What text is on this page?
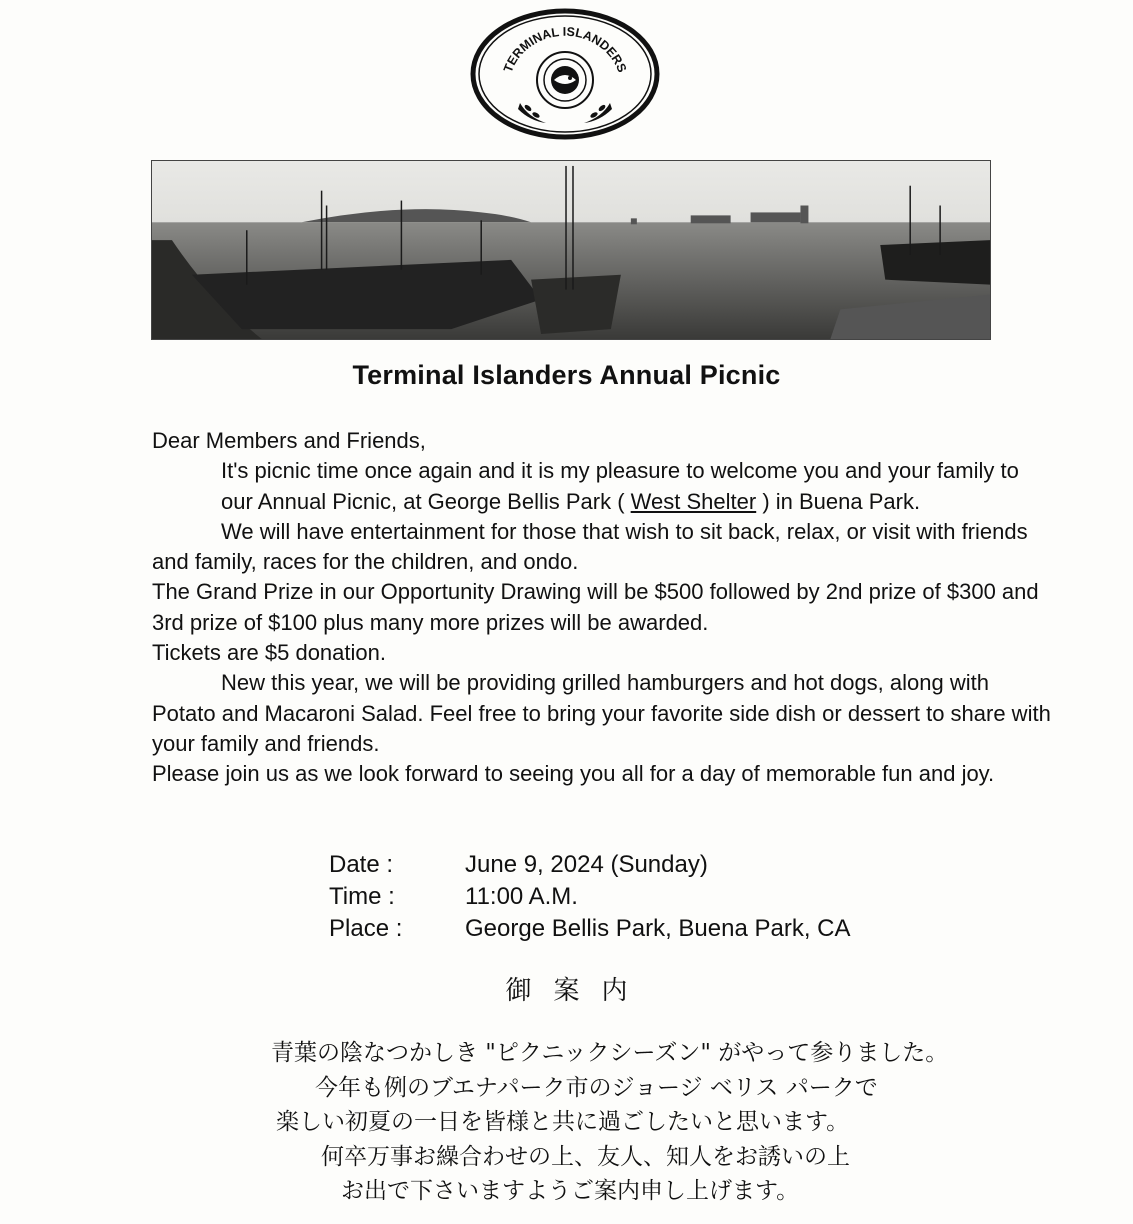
TERMINAL ISLANDERS
Terminal Islanders Annual Picnic

Dear Members and Friends,

It's picnic time once again and it is my pleasure to welcome you and your family to our Annual Picnic, at George Bellis Park ( West Shelter ) in Buena Park.

We will have entertainment for those that wish to sit back, relax, or visit with friends and family, races for the children, and ondo.

The Grand Prize in our Opportunity Drawing will be $500 followed by 2nd prize of $300 and 3rd prize of $100 plus many more prizes will be awarded.

Tickets are $5 donation.

New this year, we will be providing grilled hamburgers and hot dogs, along with Potato and Macaroni Salad. Feel free to bring your favorite side dish or dessert to share with your family and friends.

Please join us as we look forward to seeing you all for a day of memorable fun and joy.

Date :	June 9, 2024 (Sunday)
Time :	11:00 A.M.
Place :	George Bellis Park, Buena Park, CA
御案内
青葉の陰なつかしき "ピクニックシーズン" がやって参りました。
今年も例のブエナパーク市のジョージ ベリス パークで
楽しい初夏の一日を皆様と共に過ごしたいと思います。
何卒万事お繰合わせの上、友人、知人をお誘いの上
お出で下さいますようご案内申し上げます。
